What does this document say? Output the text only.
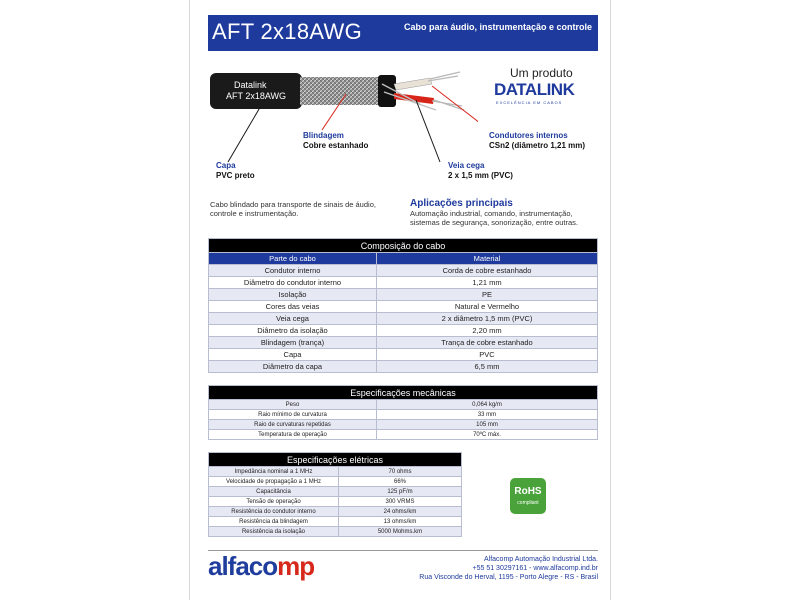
AFT 2x18AWG	Cabo para áudio, instrumentação e controle
Datalink
AFT 2x18AWG
Blindagem
Cobre estanhado
Capa
PVC preto
Veia cega
2 x 1,5 mm (PVC)
Condutores internos
CSn2 (diâmetro 1,21 mm)
Um produto
DATALINK
EXCELÊNCIA EM CABOS
Cabo blindado para transporte de sinais de áudio, controle e instrumentação.
Aplicações principais
Automação industrial, comando, instrumentação, sistemas de segurança, sonorização, entre outras.
Composição do cabo	
Parte do cabo	Material
Condutor interno	Corda de cobre estanhado
Diâmetro do condutor interno	1,21 mm
Isolação	PE
Cores das veias	Natural e Vermelho
Veia cega	2 x diâmetro 1,5 mm (PVC)
Diâmetro da isolação	2,20 mm
Blindagem (trança)	Trança de cobre estanhado
Capa	PVC
Diâmetro da capa	6,5 mm
Especificações mecânicas	
Peso	0,064 kg/m
Raio mínimo de curvatura	33 mm
Raio de curvaturas repetidas	105 mm
Temperatura de operação	70ºC máx.
Especificações elétricas	
Impedância nominal a 1 MHz	70 ohms
Velocidade de propagação a 1 MHz	66%
Capacitância	125 pF/m
Tensão de operação	300 VRMS
Resistência do condutor interno	24 ohms/km
Resistência da blindagem	13 ohms/km
Resistência da isolação	5000 Mohms.km
RoHS
compliant
alfacomp	Alfacomp Automação Industrial Ltda.
+55 51 30297161 - www.alfacomp.ind.br
Rua Visconde do Herval, 1195 - Porto Alegre - RS - Brasil
